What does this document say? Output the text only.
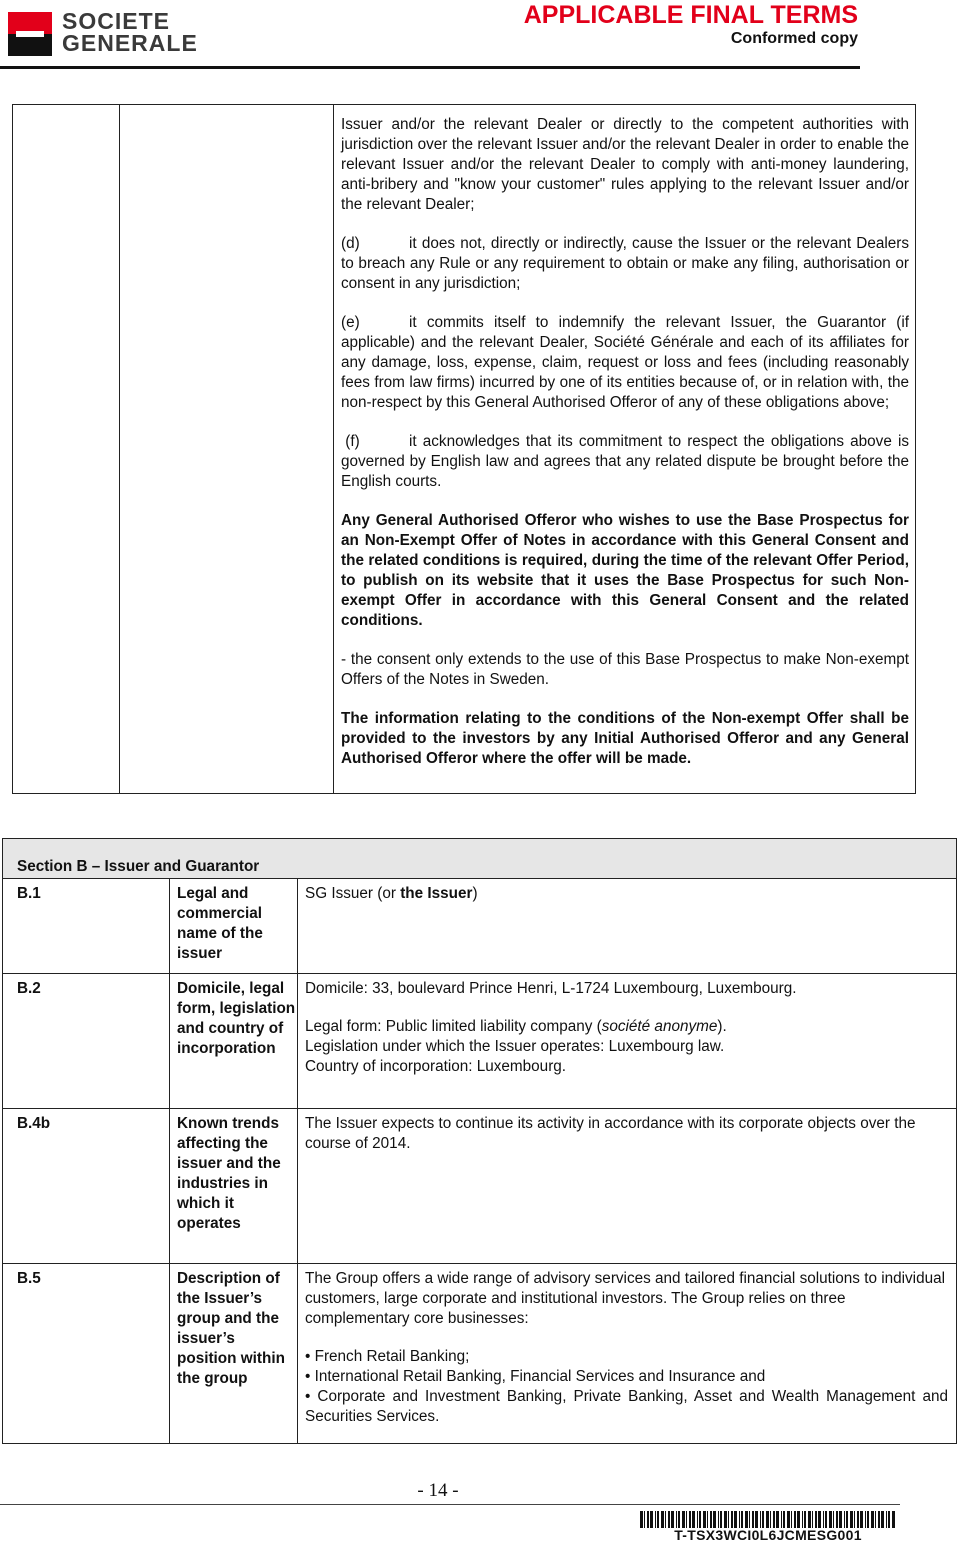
SOCIETE
GENERALE
APPLICABLE FINAL TERMS
Conformed copy

Issuer and/or the relevant Dealer or directly to the competent authorities with jurisdiction over the relevant Issuer and/or the relevant Dealer in order to enable the relevant Issuer and/or the relevant Dealer to comply with anti-money laundering, anti-bribery and "know your customer" rules applying to the relevant Issuer and/or the relevant Dealer;

(d)	it does not, directly or indirectly, cause the Issuer or the relevant Dealers to breach any Rule or any requirement to obtain or make any filing, authorisation or consent in any jurisdiction;

(e)	it commits itself to indemnify the relevant Issuer, the Guarantor (if applicable) and the relevant Dealer, Société Générale and each of its affiliates for any damage, loss, expense, claim, request or loss and fees (including reasonably fees from law firms) incurred by one of its entities because of, or in relation with, the non-respect by this General Authorised Offeror of any of these obligations above;

(f)	it acknowledges that its commitment to respect the obligations above is governed by English law and agrees that any related dispute be brought before the English courts.

Any General Authorised Offeror who wishes to use the Base Prospectus for an Non-Exempt Offer of Notes in accordance with this General Consent and the related conditions is required, during the time of the relevant Offer Period, to publish on its website that it uses the Base Prospectus for such Non-exempt Offer in accordance with this General Consent and the related conditions.

- the consent only extends to the use of this Base Prospectus to make Non-exempt Offers of the Notes in Sweden.

The information relating to the conditions of the Non-exempt Offer shall be provided to the investors by any Initial Authorised Offeror and any General Authorised Offeror where the offer will be made.

Section B – Issuer and Guarantor		

B.1	Legal and commercial name of the issuer	SG Issuer (or the Issuer)

B.2	Domicile, legal form, legislation and country of incorporation	Domicile: 33, boulevard Prince Henri, L-1724 Luxembourg, Luxembourg.

Legal form: Public limited liability company (société anonyme).

Legislation under which the Issuer operates: Luxembourg law.

Country of incorporation: Luxembourg.

B.4b	Known trends affecting the issuer and the industries in which it operates	The Issuer expects to continue its activity in accordance with its corporate objects over the course of 2014.

B.5	Description of the Issuer’s group and the issuer’s position within the group	The Group offers a wide range of advisory services and tailored financial solutions to individual customers, large corporate and institutional investors. The Group relies on three complementary core businesses:

• French Retail Banking;

• International Retail Banking, Financial Services and Insurance and

• Corporate and Investment Banking, Private Banking, Asset and Wealth Management and Securities Services.

- 14 -
T-TSX3WCI0L6JCMESG001
